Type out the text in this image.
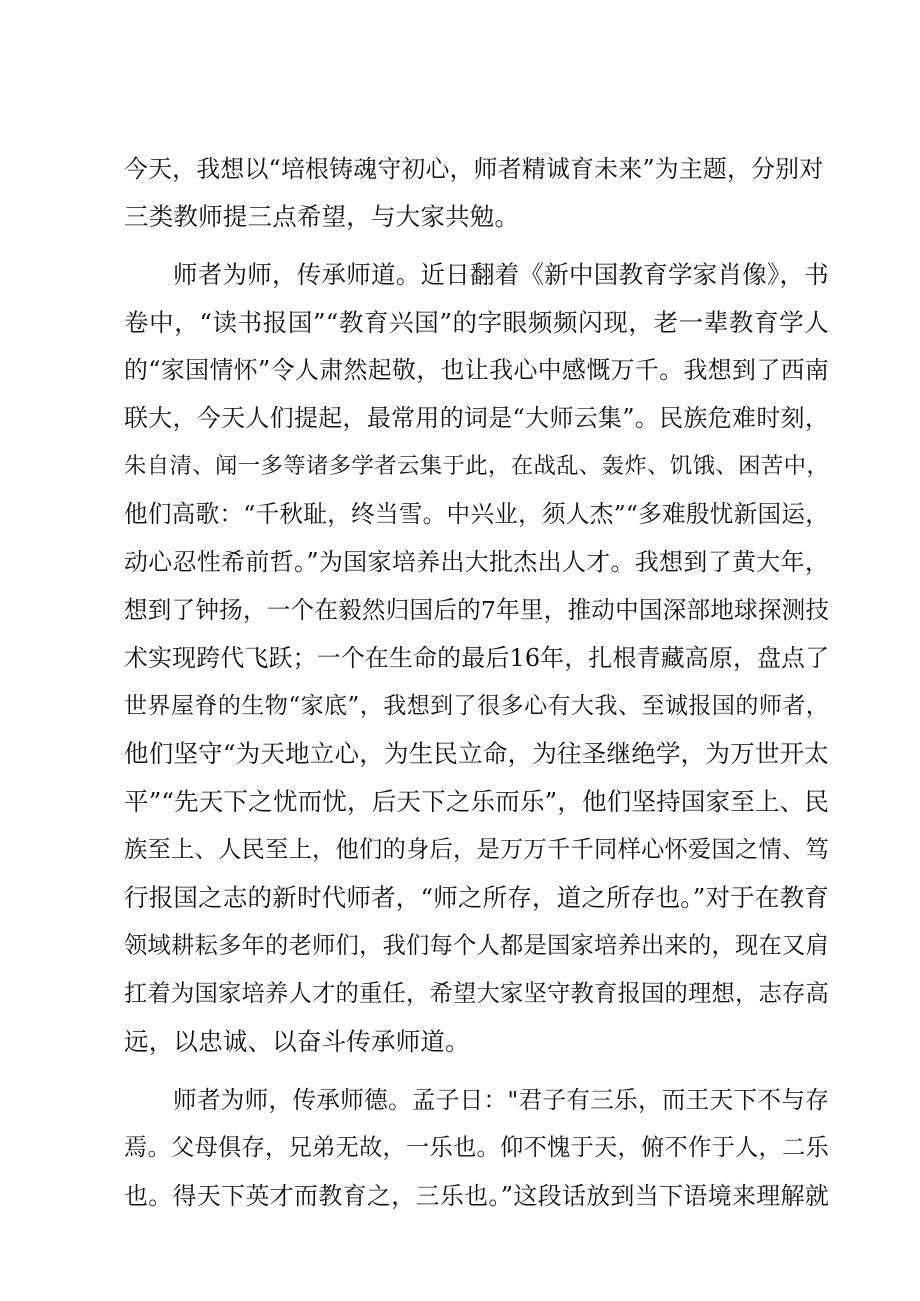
今天，我想以“培根铸魂守初心，师者精诚育未来”为主题，分别对
三类教师提三点希望，与大家共勉。
师者为师，传承师道。近日翻着《新中国教育学家肖像》，书
卷中，“读书报国”“教育兴国”的字眼频频闪现，老一辈教育学人
的“家国情怀”令人肃然起敬，也让我心中感慨万千。我想到了西南
联大，今天人们提起，最常用的词是“大师云集”。民族危难时刻，
朱自清、闻一多等诸多学者云集于此，在战乱、轰炸、饥饿、困苦中，
他们高歌：“千秋耻，终当雪。中兴业，须人杰”“多难殷忧新国运，
动心忍性希前哲。”为国家培养出大批杰出人才。我想到了黄大年，
想到了钟扬，一个在毅然归国后的7年里，推动中国深部地球探测技
术实现跨代飞跃；一个在生命的最后16年，扎根青藏高原，盘点了
世界屋脊的生物“家底”，我想到了很多心有大我、至诚报国的师者，
他们坚守“为天地立心，为生民立命，为往圣继绝学，为万世开太
平”“先天下之忧而忧，后天下之乐而乐”，他们坚持国家至上、民
族至上、人民至上，他们的身后，是万万千千同样心怀爱国之情、笃
行报国之志的新时代师者，“师之所存，道之所存也。”对于在教育
领域耕耘多年的老师们，我们每个人都是国家培养出来的，现在又肩
扛着为国家培养人才的重任，希望大家坚守教育报国的理想，志存高
远，以忠诚、以奋斗传承师道。
师者为师，传承师德。孟子日："君子有三乐，而王天下不与存
焉。父母俱存，兄弟无故，一乐也。仰不愧于天，俯不作于人，二乐
也。得天下英才而教育之，三乐也。”这段话放到当下语境来理解就
